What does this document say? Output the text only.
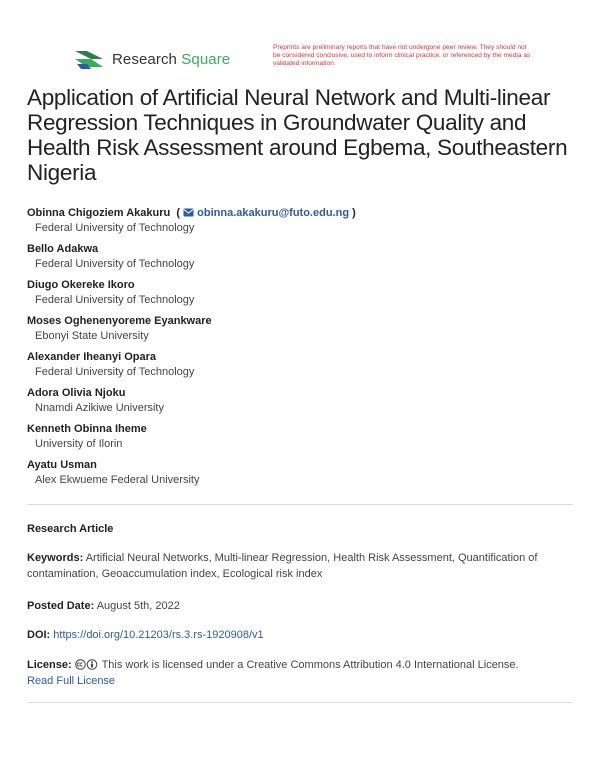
Research Square
Preprints are preliminary reports that have not undergone peer review. They should not be considered conclusive, used to inform clinical practice, or referenced by the media as validated information.
Application of Artificial Neural Network and Multi-linear Regression Techniques in Groundwater Quality and Health Risk Assessment around Egbema, Southeastern Nigeria
Obinna Chigoziem Akakuru  (  obinna.akakuru@futo.edu.ng )
Federal University of Technology
Bello Adakwa
Federal University of Technology
Diugo Okereke Ikoro
Federal University of Technology
Moses Oghenenyoreme Eyankware
Ebonyi State University
Alexander Iheanyi Opara
Federal University of Technology
Adora Olivia Njoku
Nnamdi Azikiwe University
Kenneth Obinna Iheme
University of Ilorin
Ayatu Usman
Alex Ekwueme Federal University
Research Article
Keywords: Artificial Neural Networks, Multi-linear Regression, Health Risk Assessment, Quantification of contamination, Geoaccumulation index, Ecological risk index
Posted Date: August 5th, 2022
DOI: https://doi.org/10.21203/rs.3.rs-1920908/v1
License:	This work is licensed under a Creative Commons Attribution 4.0 International License.
Read Full License
